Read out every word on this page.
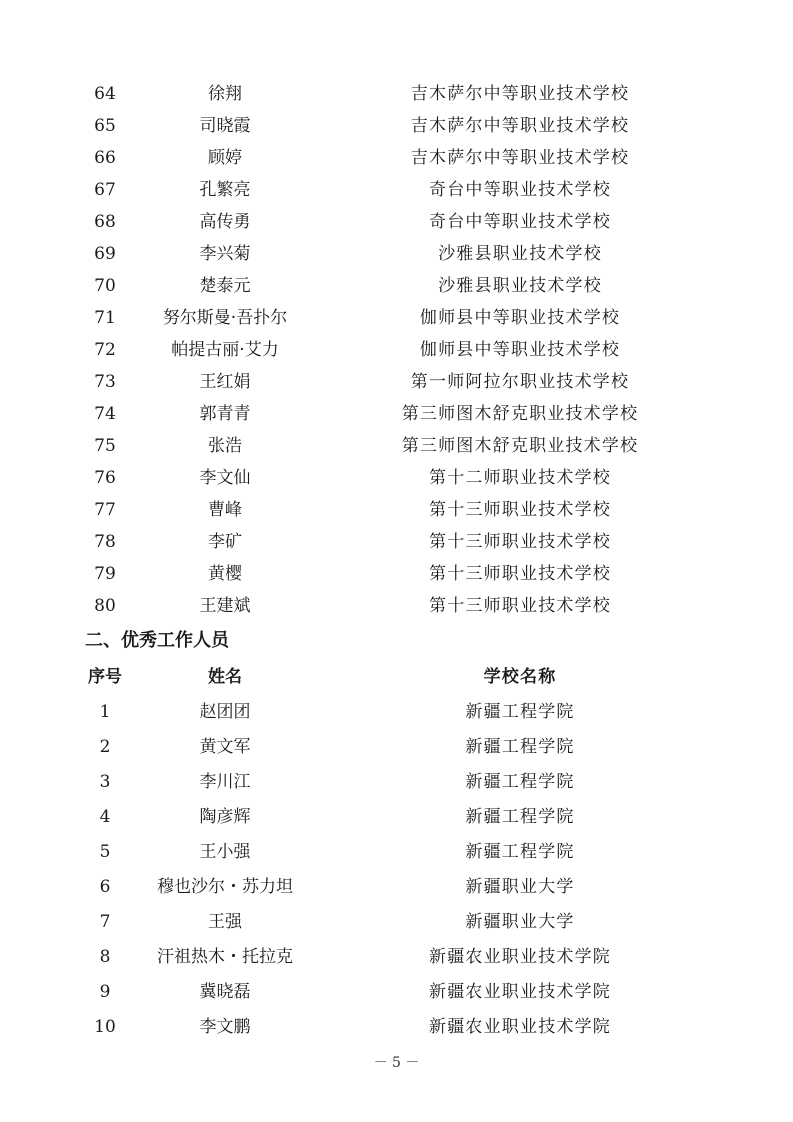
64	徐翔	吉木萨尔中等职业技术学校
65	司晓霞	吉木萨尔中等职业技术学校
66	顾婷	吉木萨尔中等职业技术学校
67	孔繁亮	奇台中等职业技术学校
68	高传勇	奇台中等职业技术学校
69	李兴菊	沙雅县职业技术学校
70	楚泰元	沙雅县职业技术学校
71	努尔斯曼·吾扑尔	伽师县中等职业技术学校
72	帕提古丽·艾力	伽师县中等职业技术学校
73	王红娟	第一师阿拉尔职业技术学校
74	郭青青	第三师图木舒克职业技术学校
75	张浩	第三师图木舒克职业技术学校
76	李文仙	第十二师职业技术学校
77	曹峰	第十三师职业技术学校
78	李矿	第十三师职业技术学校
79	黄樱	第十三师职业技术学校
80	王建斌	第十三师职业技术学校
二、优秀工作人员
序号	姓名	学校名称
1	赵团团	新疆工程学院
2	黄文军	新疆工程学院
3	李川江	新疆工程学院
4	陶彦辉	新疆工程学院
5	王小强	新疆工程学院
6	穆也沙尔・苏力坦	新疆职业大学
7	王强	新疆职业大学
8	汗祖热木・托拉克	新疆农业职业技术学院
9	冀晓磊	新疆农业职业技术学院
10	李文鹏	新疆农业职业技术学院
－ 5 －
